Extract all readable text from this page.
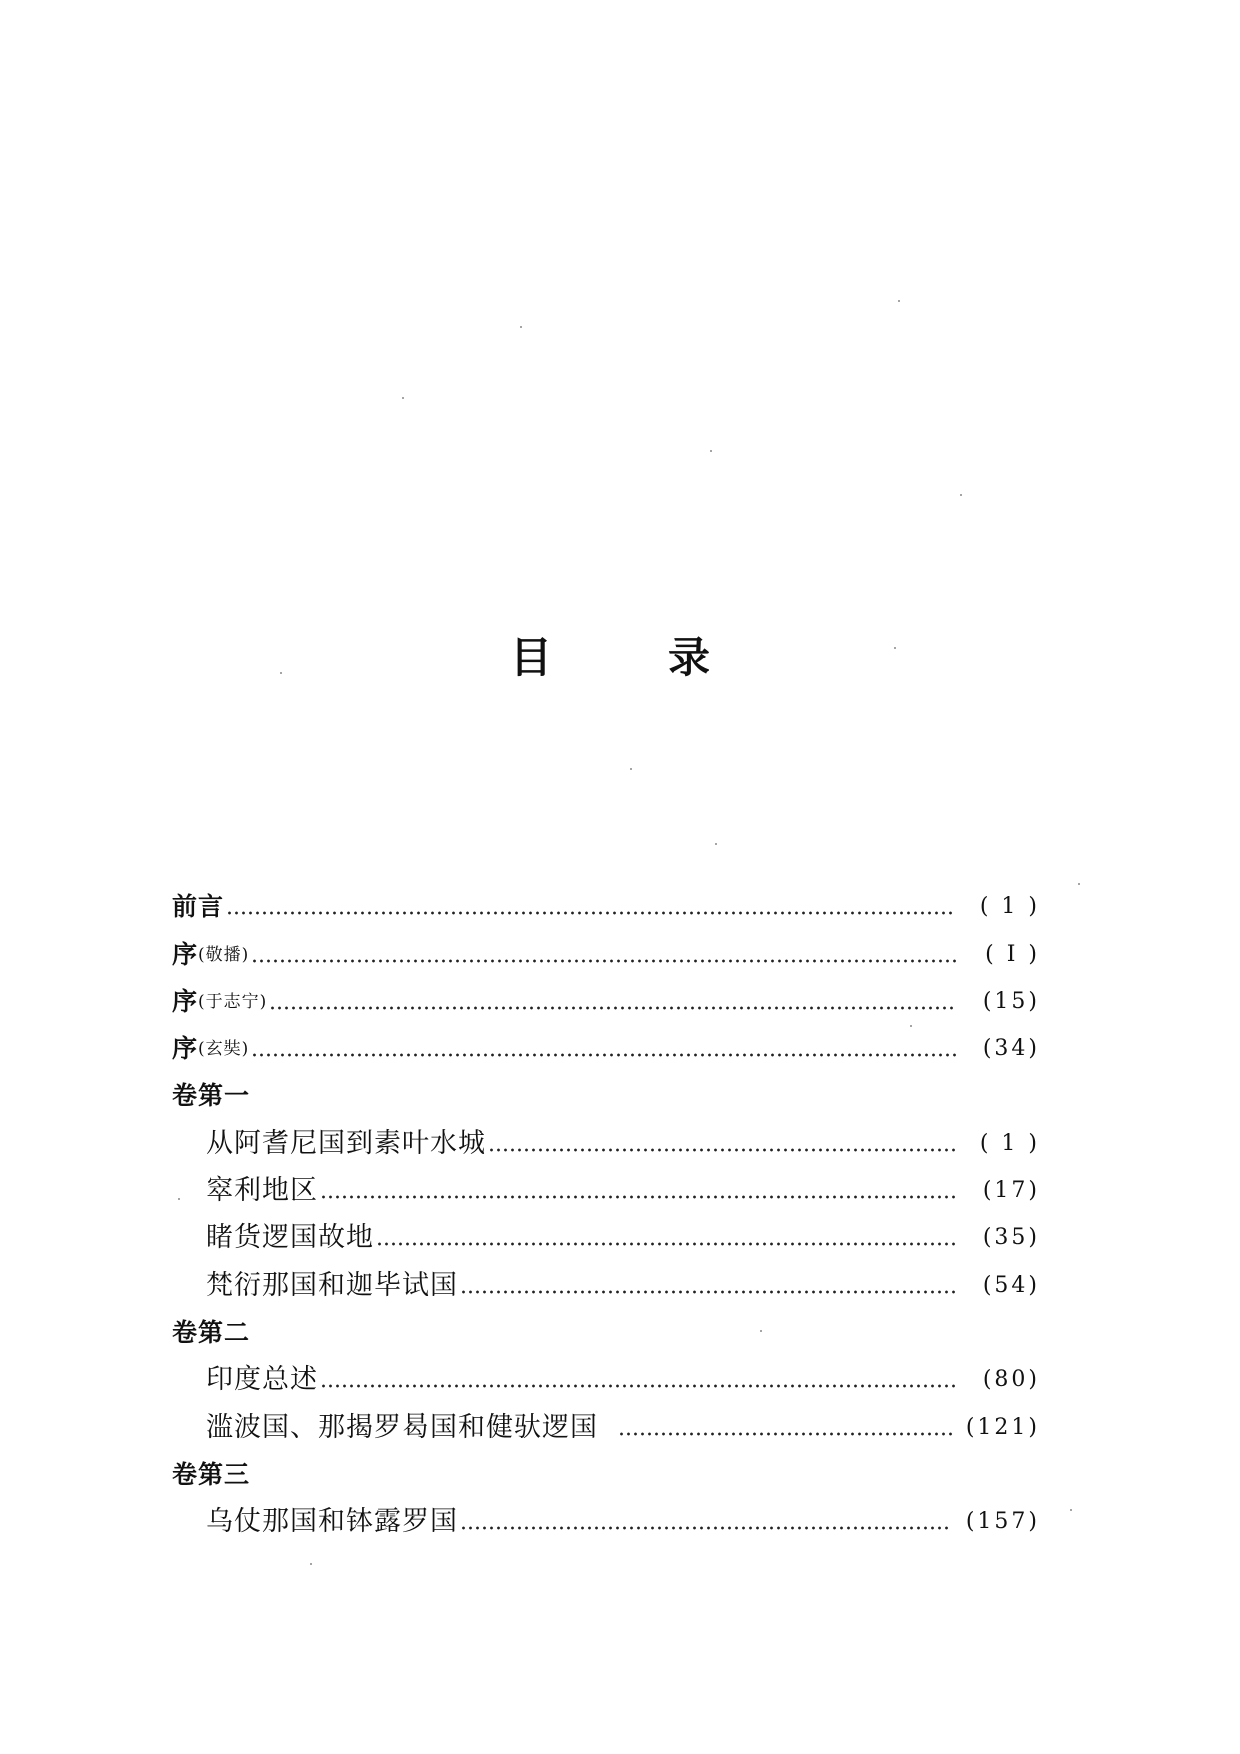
目	录
前言	( 1 )
序 (敬播)	( I )
序 (于志宁)	(15)
序 (玄奘)	(34)
卷第一
从阿耆尼国到素叶水城	( 1 )
窣利地区	(17)
睹货逻国故地	(35)
梵衍那国和迦毕试国	(54)
卷第二
印度总述	(80)
滥波国、那揭罗曷国和健驮逻国	(121)
卷第三
乌仗那国和钵露罗国	(157)
